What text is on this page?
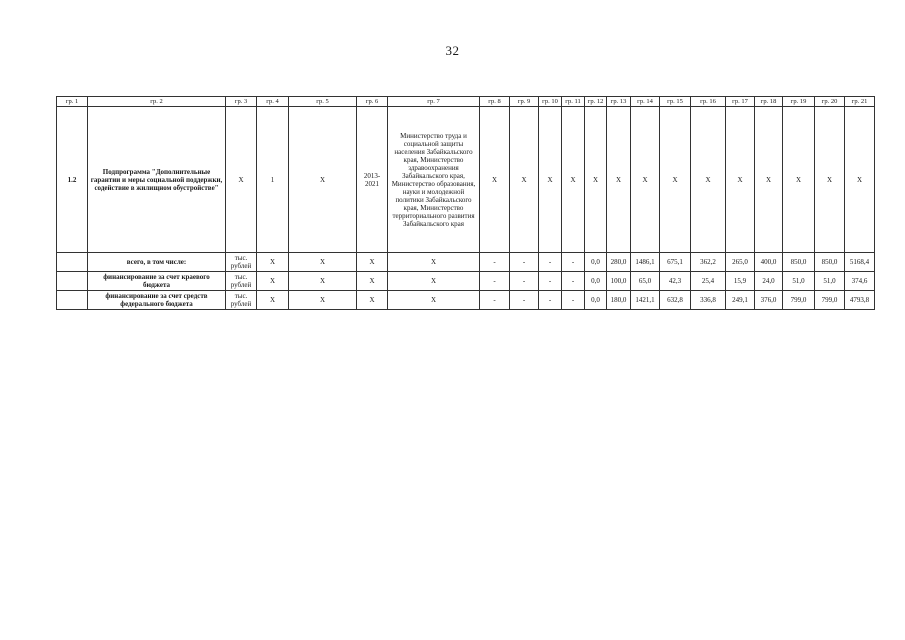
32
гр. 1	гр. 2	гр. 3	гр. 4	гр. 5	гр. 6	гр. 7	гр. 8	гр. 9	гр. 10	гр. 11	гр. 12	гр. 13	гр. 14	гр. 15	гр. 16	гр. 17	гр. 18	гр. 19	гр. 20	гр. 21
1.2	Подпрограмма "Дополнительные гарантии и меры социальной поддержки, содействие в жилищном обустройстве"	Х	1	Х	2013-2021	Министерство труда и социальной защиты населения Забайкальского края, Министерство здравоохранения Забайкальского края, Министерство образования, науки и молодежной политики Забайкальского края, Министерство территориального развития Забайкальского края	Х	Х	Х	Х	Х	Х	Х	Х	Х	Х	Х	Х	Х	Х
	всего, в том числе:	тыс. рублей	Х	Х	Х	Х	-	-	-	-	0,0	280,0	1486,1	675,1	362,2	265,0	400,0	850,0	850,0	5168,4
	финансирование за счет краевого бюджета	тыс. рублей	Х	Х	Х	Х	-	-	-	-	0,0	100,0	65,0	42,3	25,4	15,9	24,0	51,0	51,0	374,6
	финансирование за счет средств федерального бюджета	тыс. рублей	Х	Х	Х	Х	-	-	-	-	0,0	180,0	1421,1	632,8	336,8	249,1	376,0	799,0	799,0	4793,8
